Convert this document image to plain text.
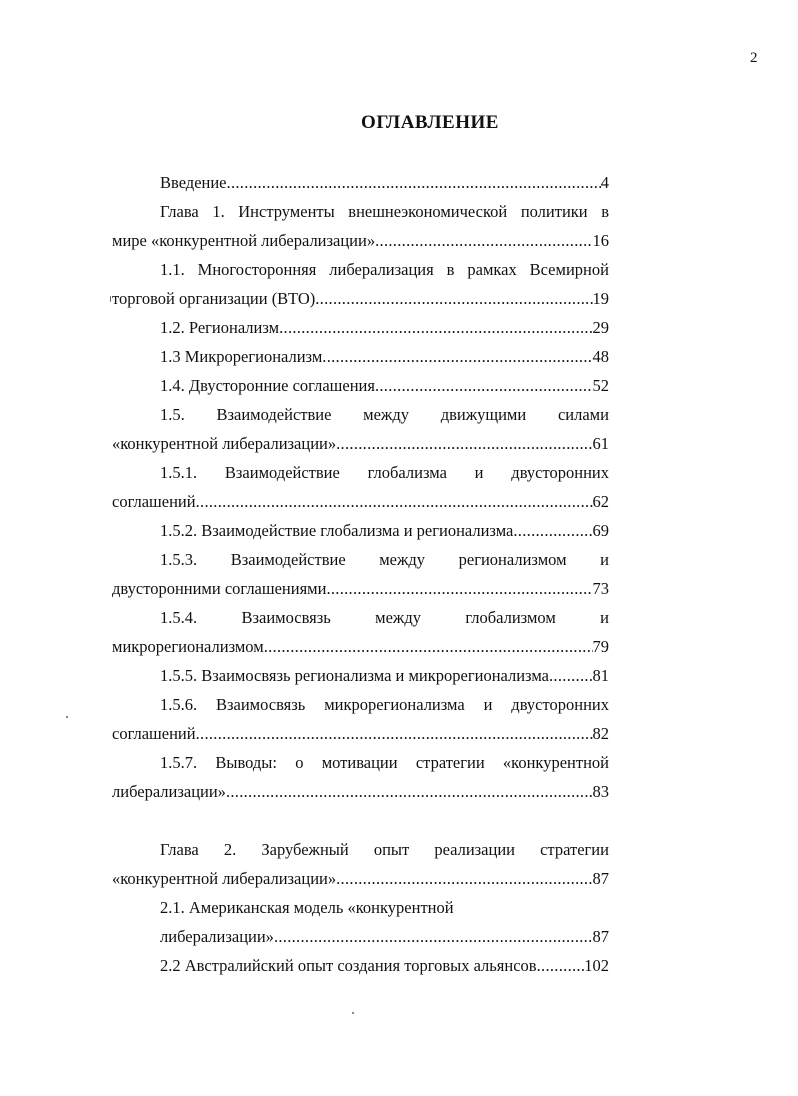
2
ОГЛАВЛЕНИЕ
Введение .....	4
Глава 1. Инструменты внешнеэкономической политики в
мире «конкурентной либерализации» .....	16
1.1. Многосторонняя либерализация в рамках Всемирной
торговой организации (ВТО) .....	19
1.2. Регионализм .....	29
1.3 Микрорегионализм .....	48
1.4. Двусторонние соглашения .....	52
1.5. Взаимодействие между движущими силами
«конкурентной либерализации» .....	61
1.5.1. Взаимодействие глобализма и двусторонних
соглашений .....	62
1.5.2. Взаимодействие глобализма и регионализма .....	69
1.5.3. Взаимодействие между регионализмом и
двусторонними соглашениями .....	73
1.5.4.	Взаимосвязь	между	глобализмом	и
микрорегионализмом .....	79
1.5.5. Взаимосвязь регионализма и микрорегионализма .....	81
1.5.6. Взаимосвязь микрорегионализма и двусторонних
соглашений .....	82
1.5.7. Выводы: о мотивации стратегии «конкурентной
либерализации» .....	83
Глава 2. Зарубежный опыт реализации стратегии
«конкурентной либерализации» .....	87
2.1. Американская модель «конкурентной
либерализации» .....	87
2.2 Австралийский опыт создания торговых альянсов .....	102
